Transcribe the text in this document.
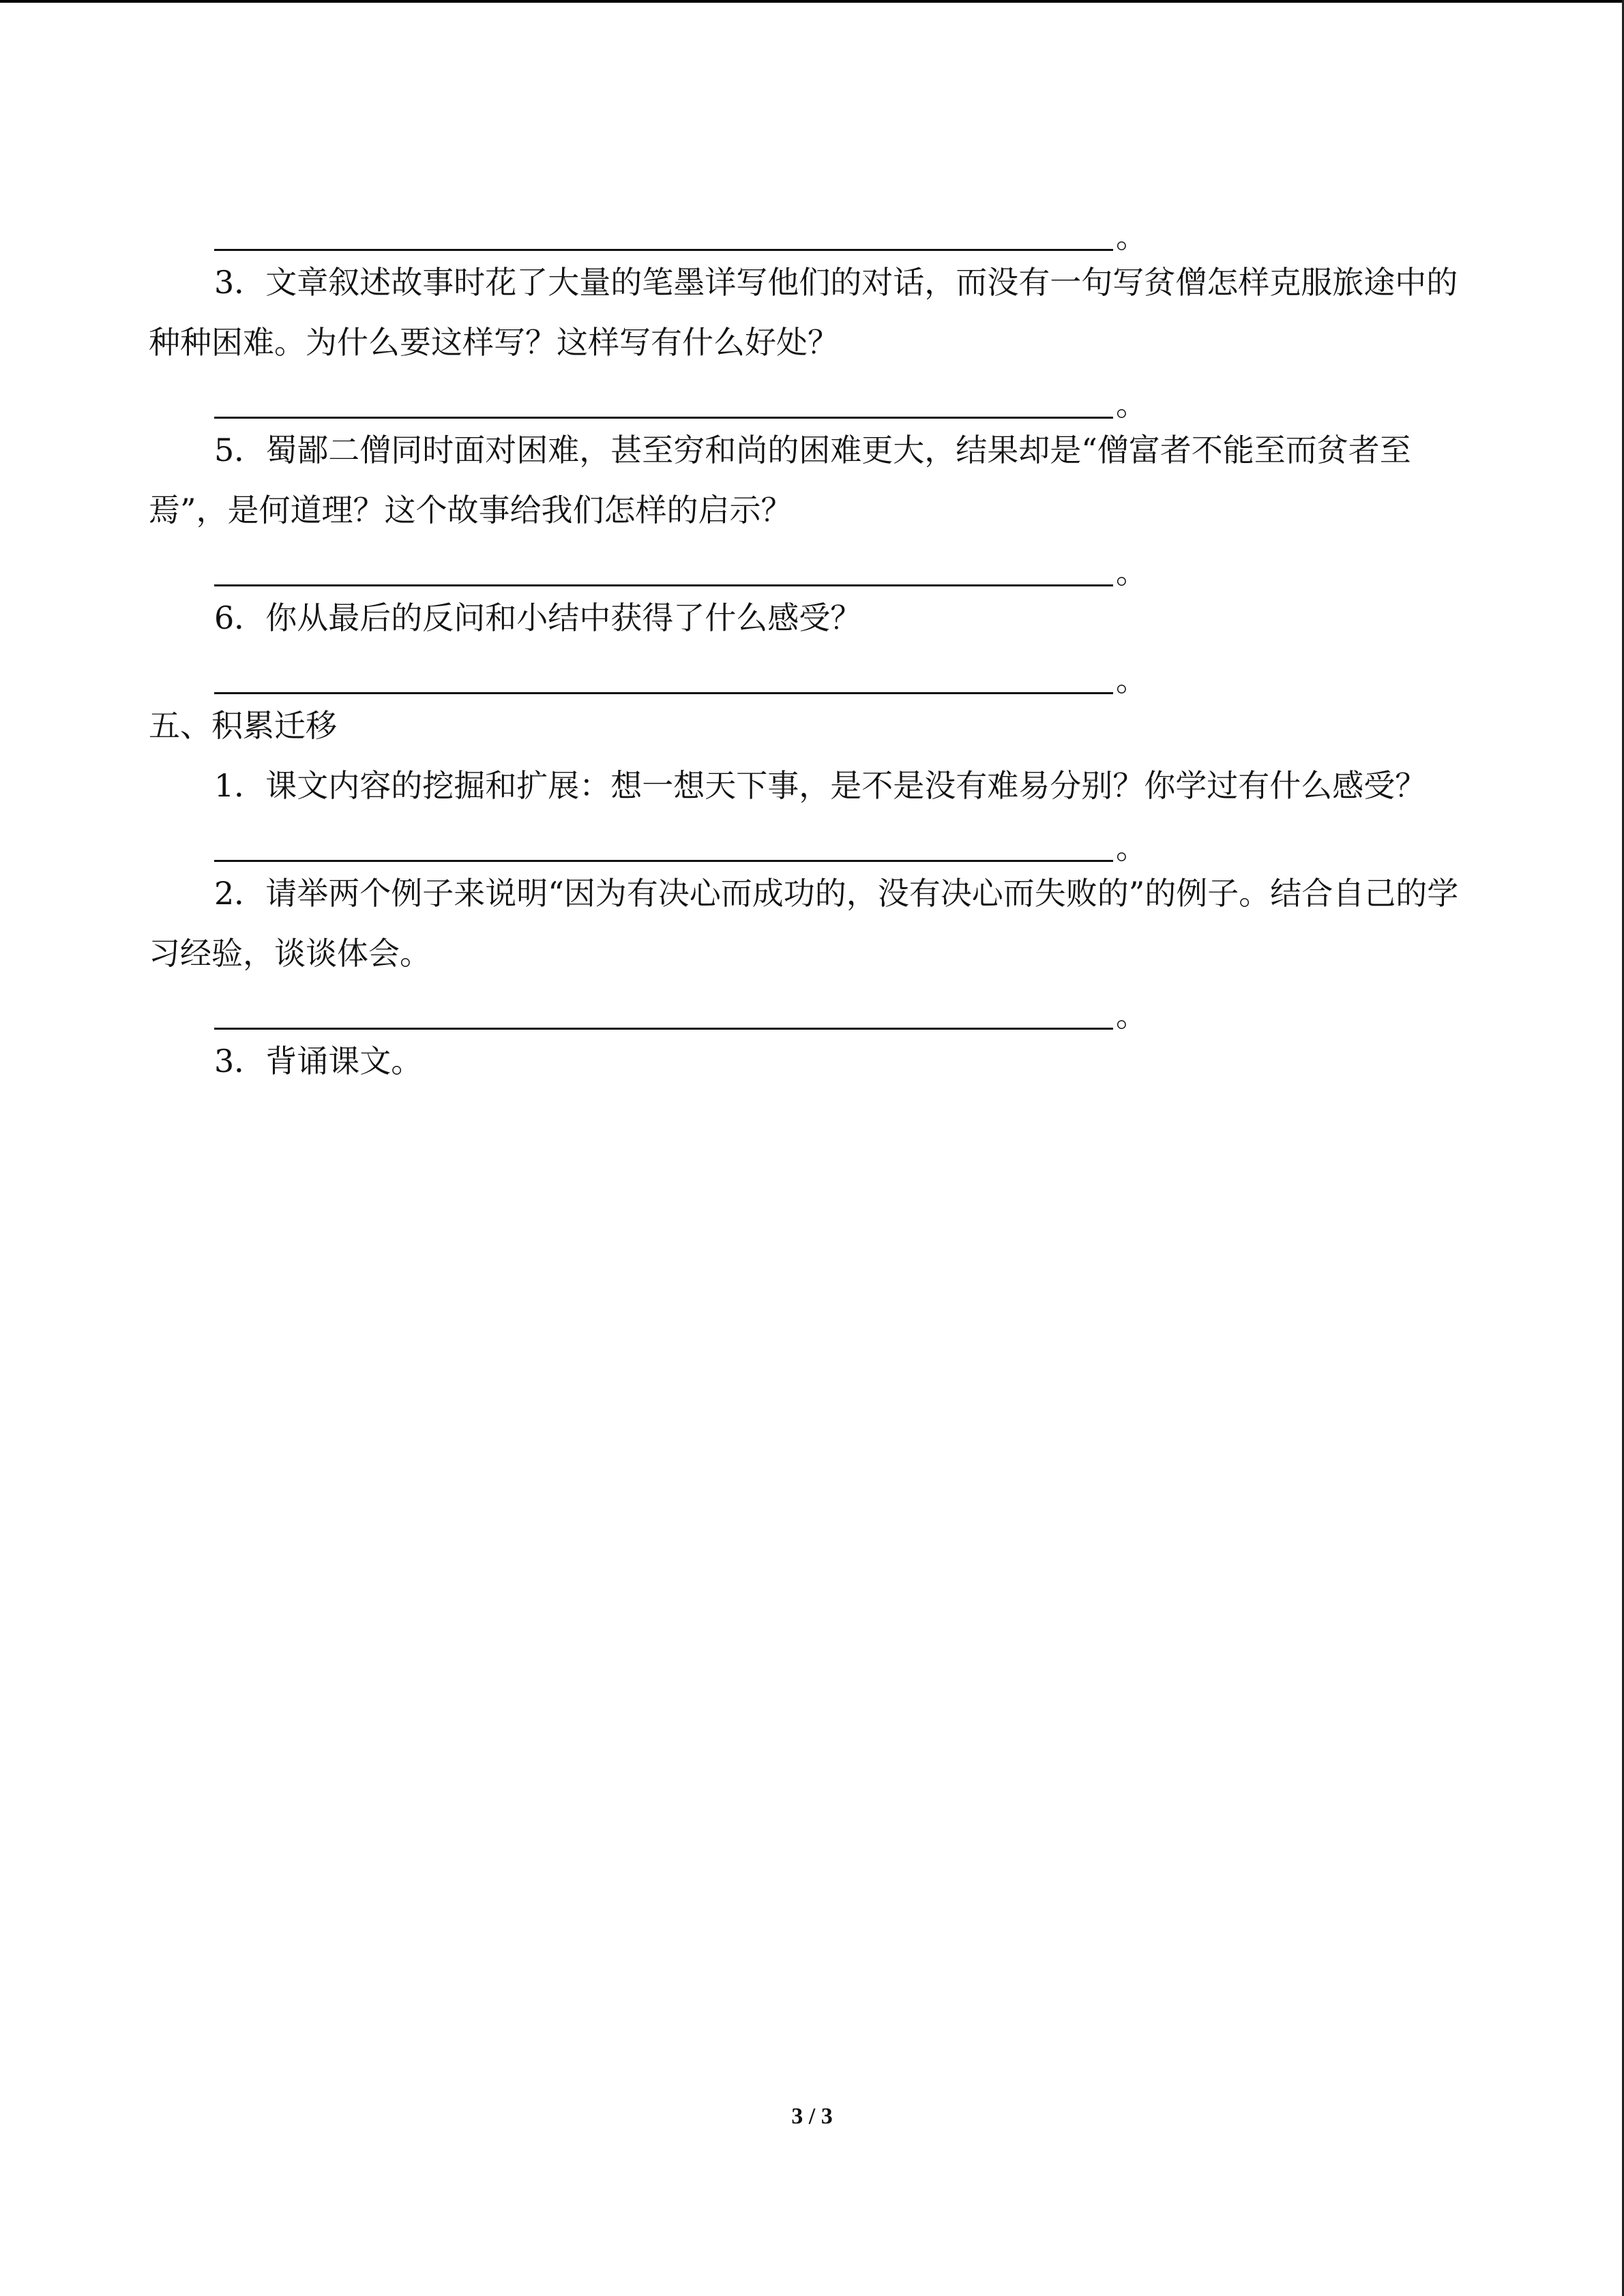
。

3．文章叙述故事时花了大量的笔墨详写他们的对话，而没有一句写贫僧怎样克服旅途中的种种困难。为什么要这样写？这样写有什么好处？

。

5．蜀鄙二僧同时面对困难，甚至穷和尚的困难更大，结果却是“僧富者不能至而贫者至焉”，是何道理？这个故事给我们怎样的启示？

。

6．你从最后的反问和小结中获得了什么感受？

。

五、积累迁移

1．课文内容的挖掘和扩展：想一想天下事，是不是没有难易分别？你学过有什么感受？

。

2．请举两个例子来说明“因为有决心而成功的，没有决心而失败的”的例子。结合自己的学习经验，谈谈体会。

。

3．背诵课文。

3 / 3
